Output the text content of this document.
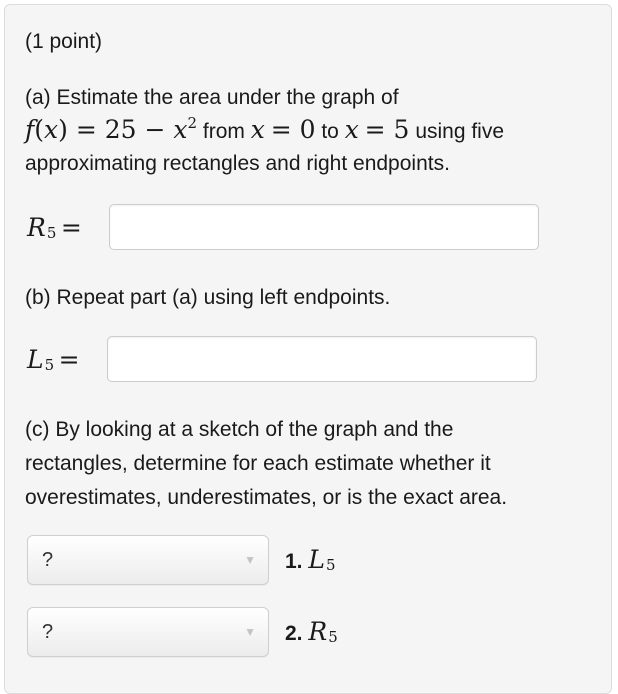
(1 point)
(a) Estimate the area under the graph of
$f(x) = 25 - x^2$ from x = 0 to x = 5 using five
approximating rectangles and right endpoints.
$R_5$ =
(b) Repeat part (a) using left endpoints.
$L_5$ =
(c) By looking at a sketch of the graph and the
rectangles, determine for each estimate whether it
overestimates, underestimates, or is the exact area.
?	▼ 1. $L_5$
?	▼ 2. $R_5$
